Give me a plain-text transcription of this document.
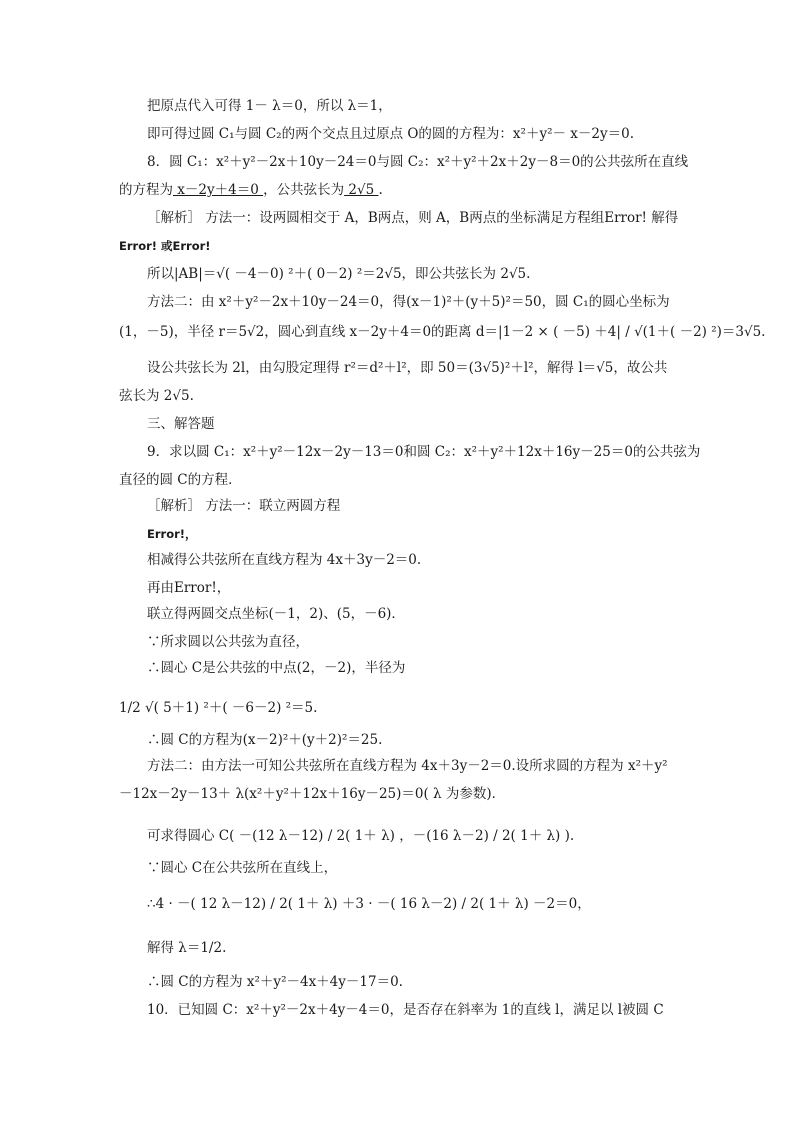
把原点代入可得 1－ λ＝0，所以 λ＝1，
即可得过圆 C₁与圆 C₂的两个交点且过原点 O的圆的方程为：x²＋y²－ x－2y＝0.
8．圆 C₁：x²＋y²－2x＋10y－24＝0与圆 C₂：x²＋y²＋2x＋2y－8＝0的公共弦所在直线
的方程为 x－2y＋4＝0 ，公共弦长为 2√5 .
［解析］ 方法一：设两圆相交于 A，B两点，则 A，B两点的坐标满足方程组Error! 解得
Error! 或Error!
所以|AB|＝√( －4－0) ²＋( 0－2) ²＝2√5，即公共弦长为 2√5.
方法二：由 x²＋y²－2x＋10y－24＝0，得(x－1)²＋(y＋5)²＝50，圆 C₁的圆心坐标为
(1，－5)，半径 r＝5√2，圆心到直线 x－2y＋4＝0的距离 d＝|1－2 × ( －5) ＋4| / √(1＋( －2) ²)＝3√5.
设公共弦长为 2l，由勾股定理得 r²＝d²＋l²，即 50＝(3√5)²＋l²，解得 l＝√5，故公共
弦长为 2√5.
三、解答题
9．求以圆 C₁：x²＋y²－12x－2y－13＝0和圆 C₂：x²＋y²＋12x＋16y－25＝0的公共弦为
直径的圆 C的方程．
［解析］ 方法一：联立两圆方程
Error!，
相减得公共弦所在直线方程为 4x＋3y－2＝0.
再由Error!，
联立得两圆交点坐标(－1，2)、(5，－6)．
∵所求圆以公共弦为直径，
∴圆心 C是公共弦的中点(2，－2)，半径为
1/2 √( 5＋1) ²＋( －6－2) ²＝5.
∴圆 C的方程为(x－2)²＋(y＋2)²＝25.
方法二：由方法一可知公共弦所在直线方程为 4x＋3y－2＝0.设所求圆的方程为 x²＋y²
－12x－2y－13＋ λ(x²＋y²＋12x＋16y－25)＝0( λ 为参数)．
可求得圆心 C( －(12 λ－12) / 2( 1＋ λ) ，－(16 λ－2) / 2( 1＋ λ) ).
∵圆心 C在公共弦所在直线上，
∴4 · －( 12 λ－12) / 2( 1＋ λ) ＋3 · －( 16 λ－2) / 2( 1＋ λ) －2＝0，
解得 λ＝1/2.
∴圆 C的方程为 x²＋y²－4x＋4y－17＝0.
10．已知圆 C：x²＋y²－2x＋4y－4＝0，是否存在斜率为 1的直线 l，满足以 l被圆 C
